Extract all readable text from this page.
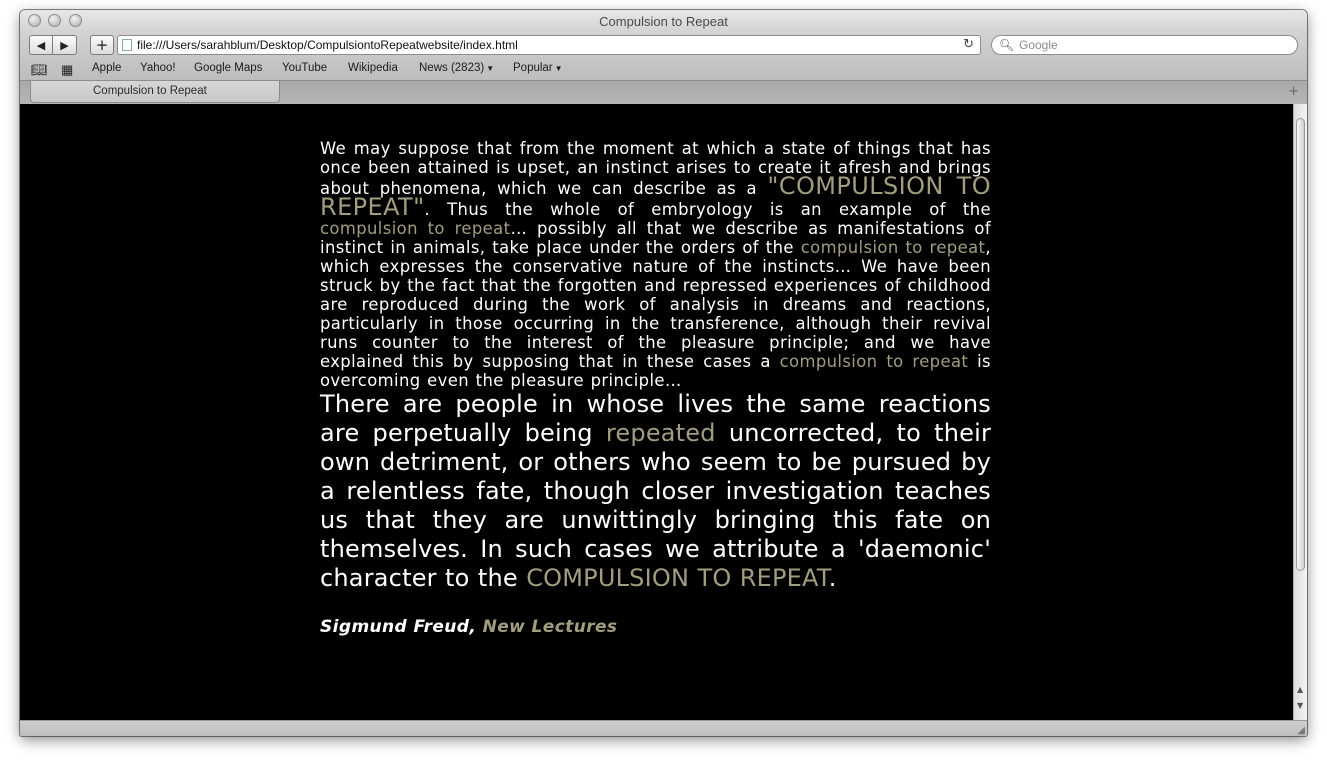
Compulsion to Repeat
◀ ▶ + file:///Users/sarahblum/Desktop/CompulsiontoRepeatwebsite/index.html	↻ 🔍︎ Google
📖︎ ▦ Apple Yahoo! Google Maps YouTube Wikipedia News (2823) ▼ Popular ▼
Compulsion to Repeat	+

We may suppose that from the moment at which a state of things that has once been attained is upset, an instinct arises to create it afresh and brings about phenomena, which we can describe as a "COMPULSION TO REPEAT". Thus the whole of embryology is an example of the compulsion to repeat… possibly all that we describe as manifestations of instinct in animals, take place under the orders of the compulsion to repeat, which expresses the conservative nature of the instincts… We have been struck by the fact that the forgotten and repressed experiences of childhood are reproduced during the work of analysis in dreams and reactions, particularly in those occurring in the transference, although their revival runs counter to the interest of the pleasure principle; and we have explained this by supposing that in these cases a compulsion to repeat is overcoming even the pleasure principle…

There are people in whose lives the same reactions are perpetually being repeated uncorrected, to their own detriment, or others who seem to be pursued by a relentless fate, though closer investigation teaches us that they are unwittingly bringing this fate on themselves. In such cases we attribute a 'daemonic' character to the COMPULSION TO REPEAT.

Sigmund Freud, New Lectures

▲
▼
◢
